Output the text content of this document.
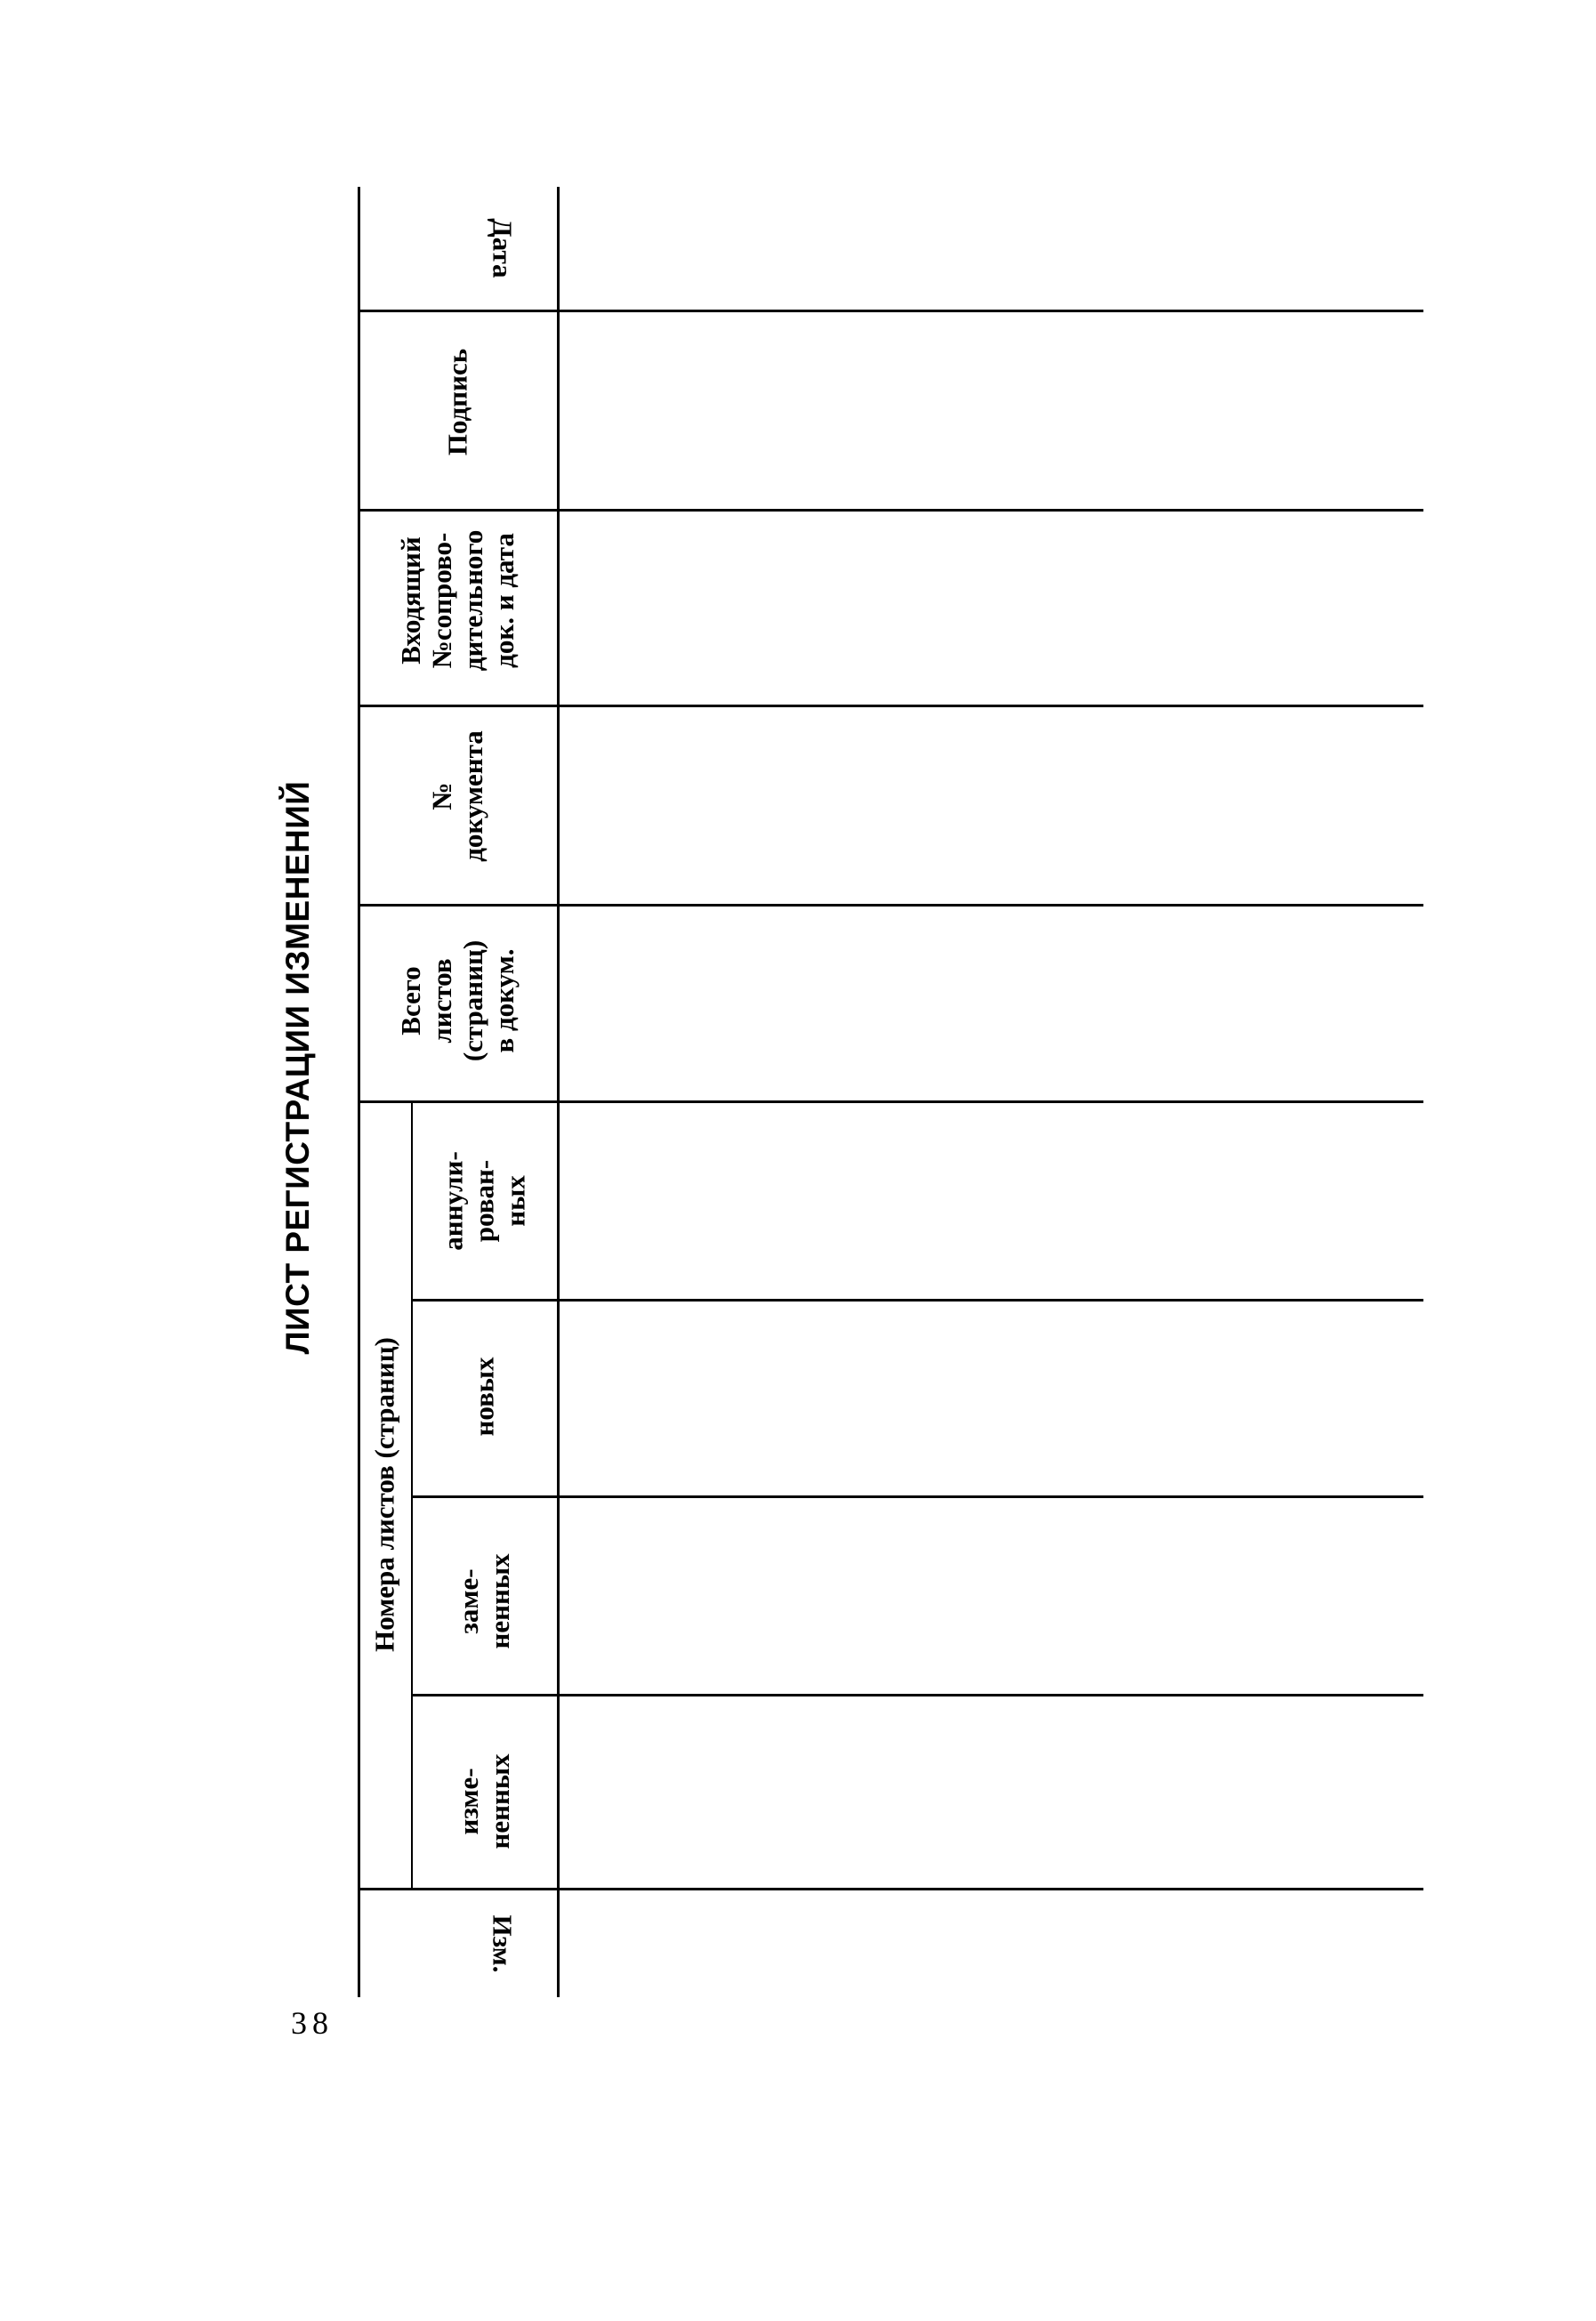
ЛИСТ РЕГИСТРАЦИИ ИЗМЕНЕНИЙ
Дата
Подпись
Входящий
№сопрово-
дительного
док. и дата
№
документа
Всего
листов
(страниц)
в докум.
Номера листов (страниц)
аннули-
рован-
ных
новых
заме-
ненных
изме-
ненных
Изм.
38
